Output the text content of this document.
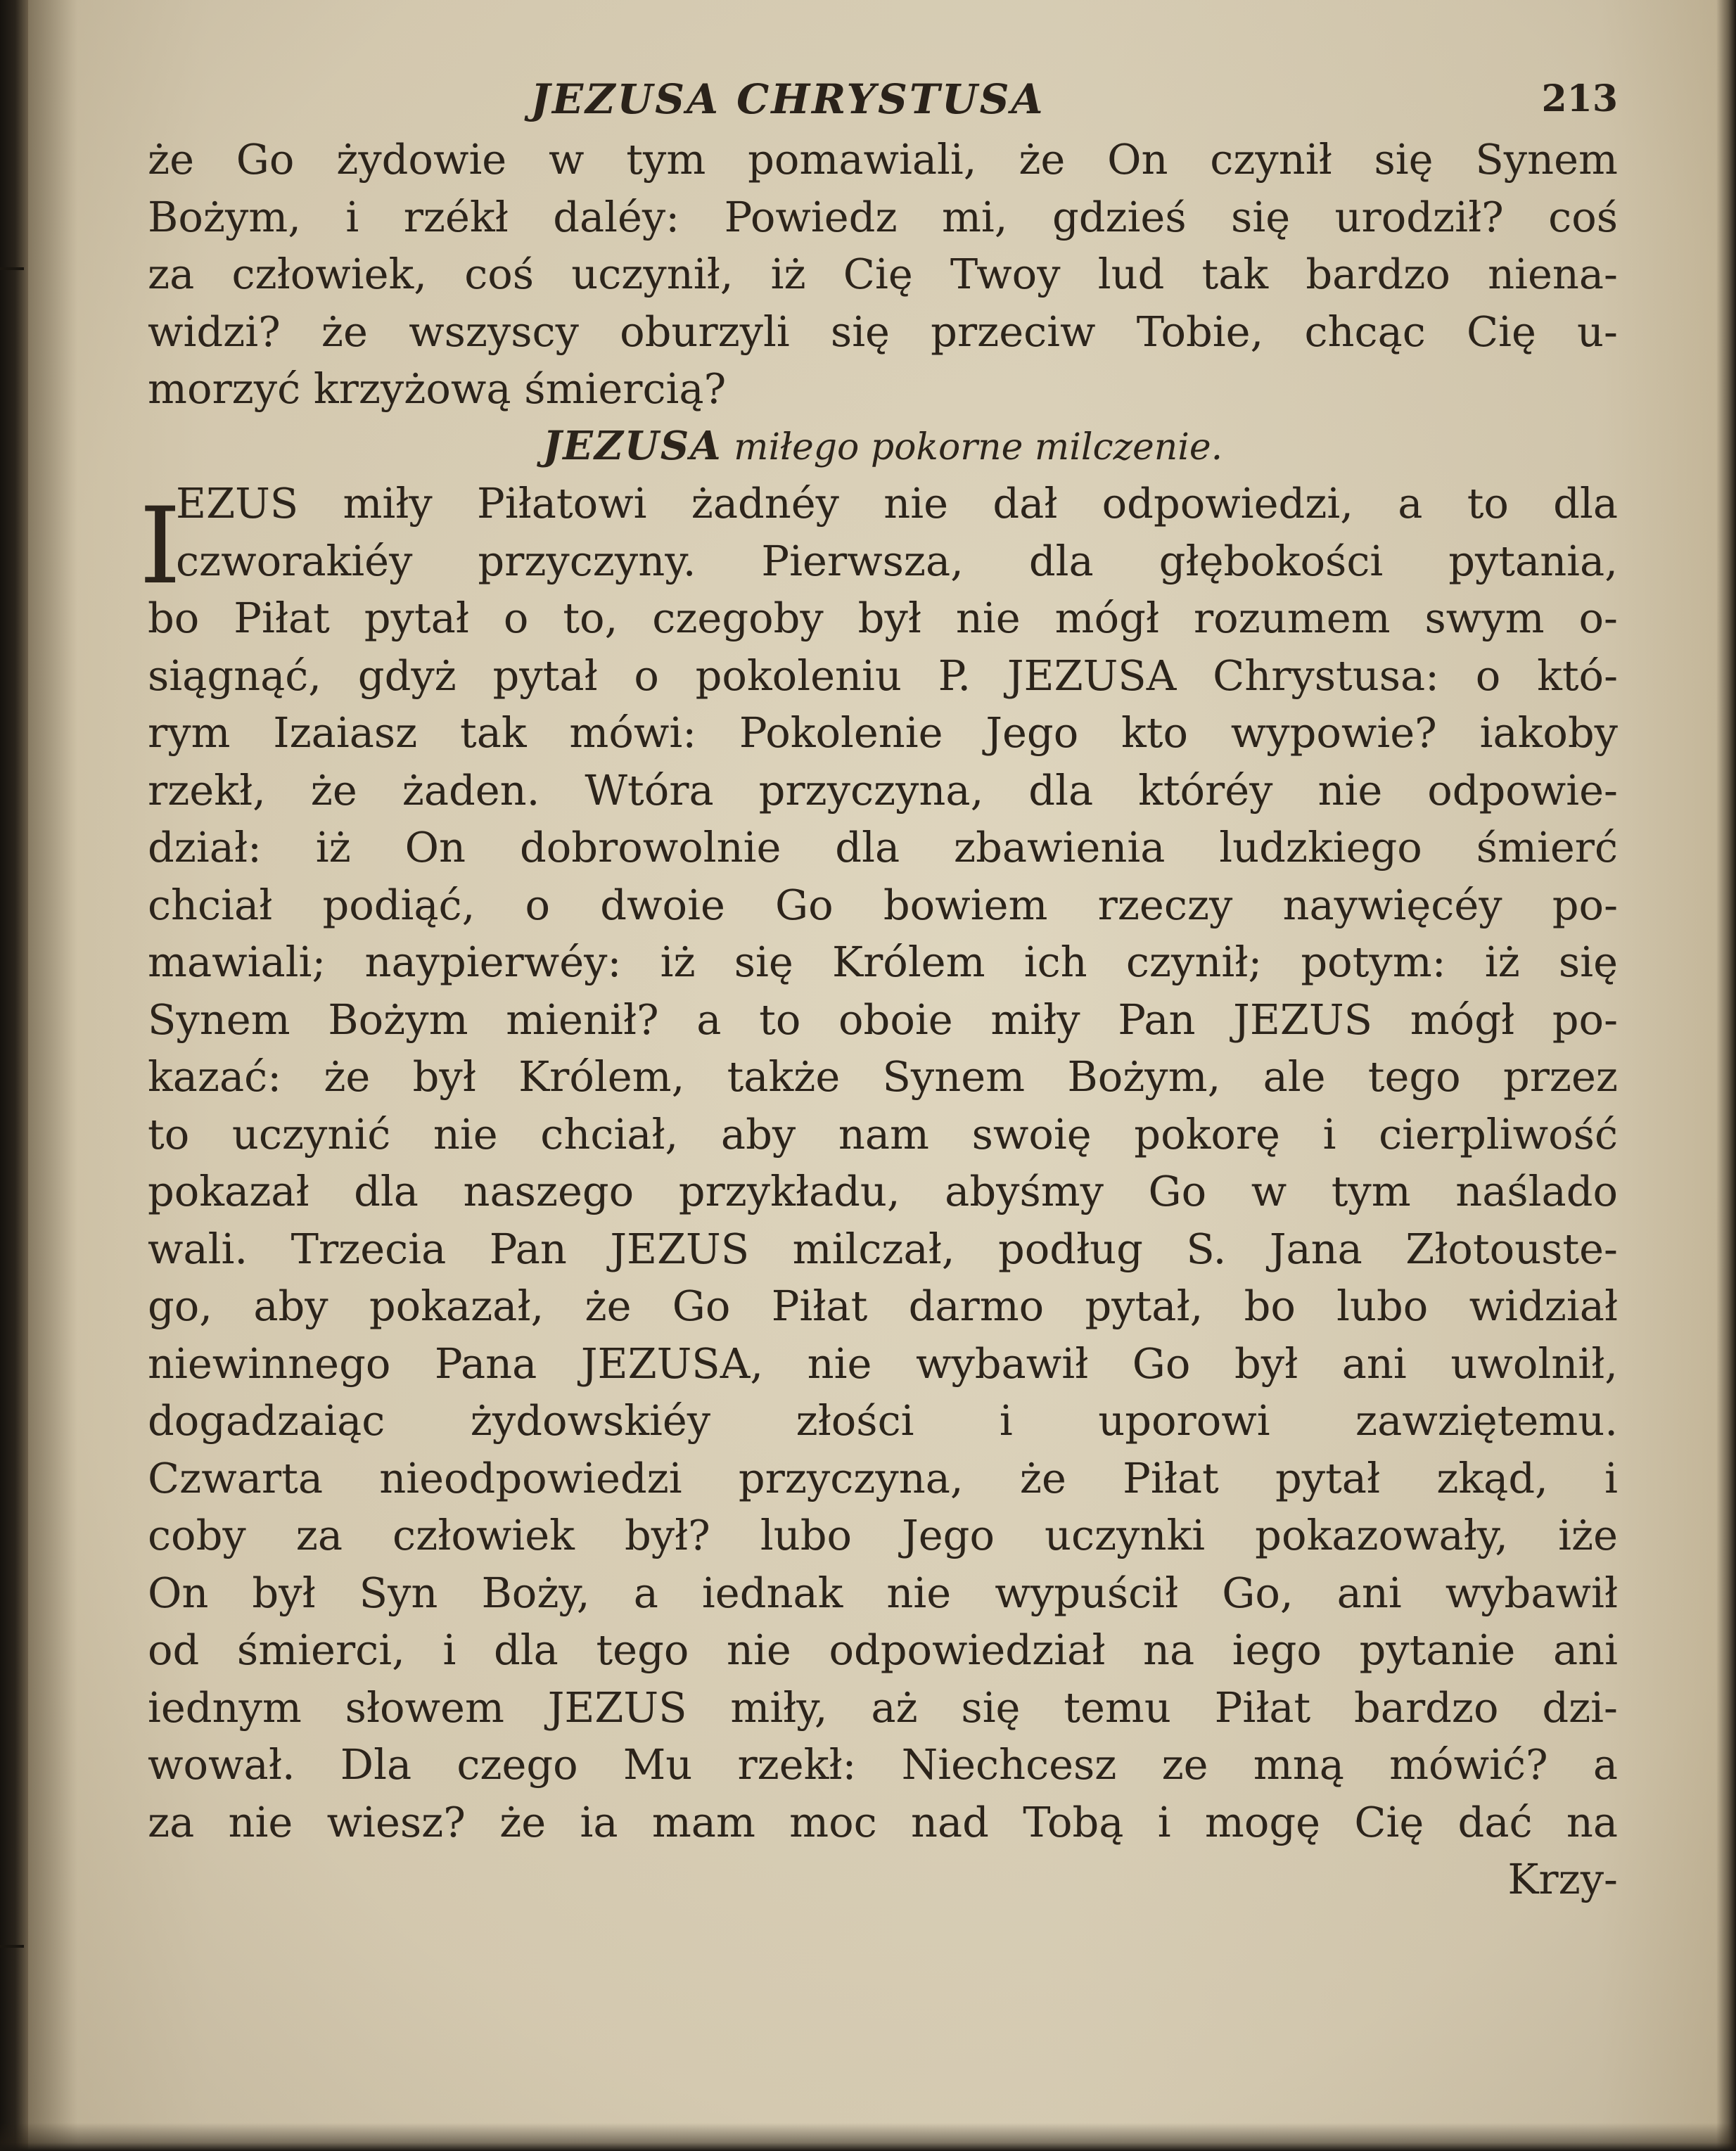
JEZUSA CHRYSTUSA	213
że Go żydowie w tym pomawiali, że On czynił się Synem
Bożym, i rzékł daléy: Powiedz mi, gdzieś się urodził? coś
za człowiek, coś uczynił, iż Cię Twoy lud tak bardzo niena-
widzi? że wszyscy oburzyli się przeciw Tobie, chcąc Cię u-
morzyć krzyżową śmiercią?
JEZUSA miłego pokorne milczenie.
I
EZUS miły Piłatowi żadnéy nie dał odpowiedzi, a to dla
czworakiéy przyczyny. Pierwsza, dla głębokości pytania,
bo Piłat pytał o to, czegoby był nie mógł rozumem swym o-
siągnąć, gdyż pytał o pokoleniu P. JEZUSA Chrystusa: o któ-
rym Izaiasz tak mówi: Pokolenie Jego kto wypowie? iakoby
rzekł, że żaden. Wtóra przyczyna, dla któréy nie odpowie-
dział: iż On dobrowolnie dla zbawienia ludzkiego śmierć
chciał podiąć, o dwoie Go bowiem rzeczy naywięcéy po-
mawiali; naypierwéy: iż się Królem ich czynił; potym: iż się
Synem Bożym mienił? a to oboie miły Pan JEZUS mógł po-
kazać: że był Królem, także Synem Bożym, ale tego przez
to uczynić nie chciał, aby nam swoię pokorę i cierpliwość
pokazał dla naszego przykładu, abyśmy Go w tym naślado
wali. Trzecia Pan JEZUS milczał, podług S. Jana Złotouste-
go, aby pokazał, że Go Piłat darmo pytał, bo lubo widział
niewinnego Pana JEZUSA, nie wybawił Go był ani uwolnił,
dogadzaiąc żydowskiéy złości i uporowi zawziętemu.
Czwarta nieodpowiedzi przyczyna, że Piłat pytał zkąd, i
coby za człowiek był? lubo Jego uczynki pokazowały, iże
On był Syn Boży, a iednak nie wypuścił Go, ani wybawił
od śmierci, i dla tego nie odpowiedział na iego pytanie ani
iednym słowem JEZUS miły, aż się temu Piłat bardzo dzi-
wował. Dla czego Mu rzekł: Niechcesz ze mną mówić? a
za nie wiesz? że ia mam moc nad Tobą i mogę Cię dać na
Krzy-
